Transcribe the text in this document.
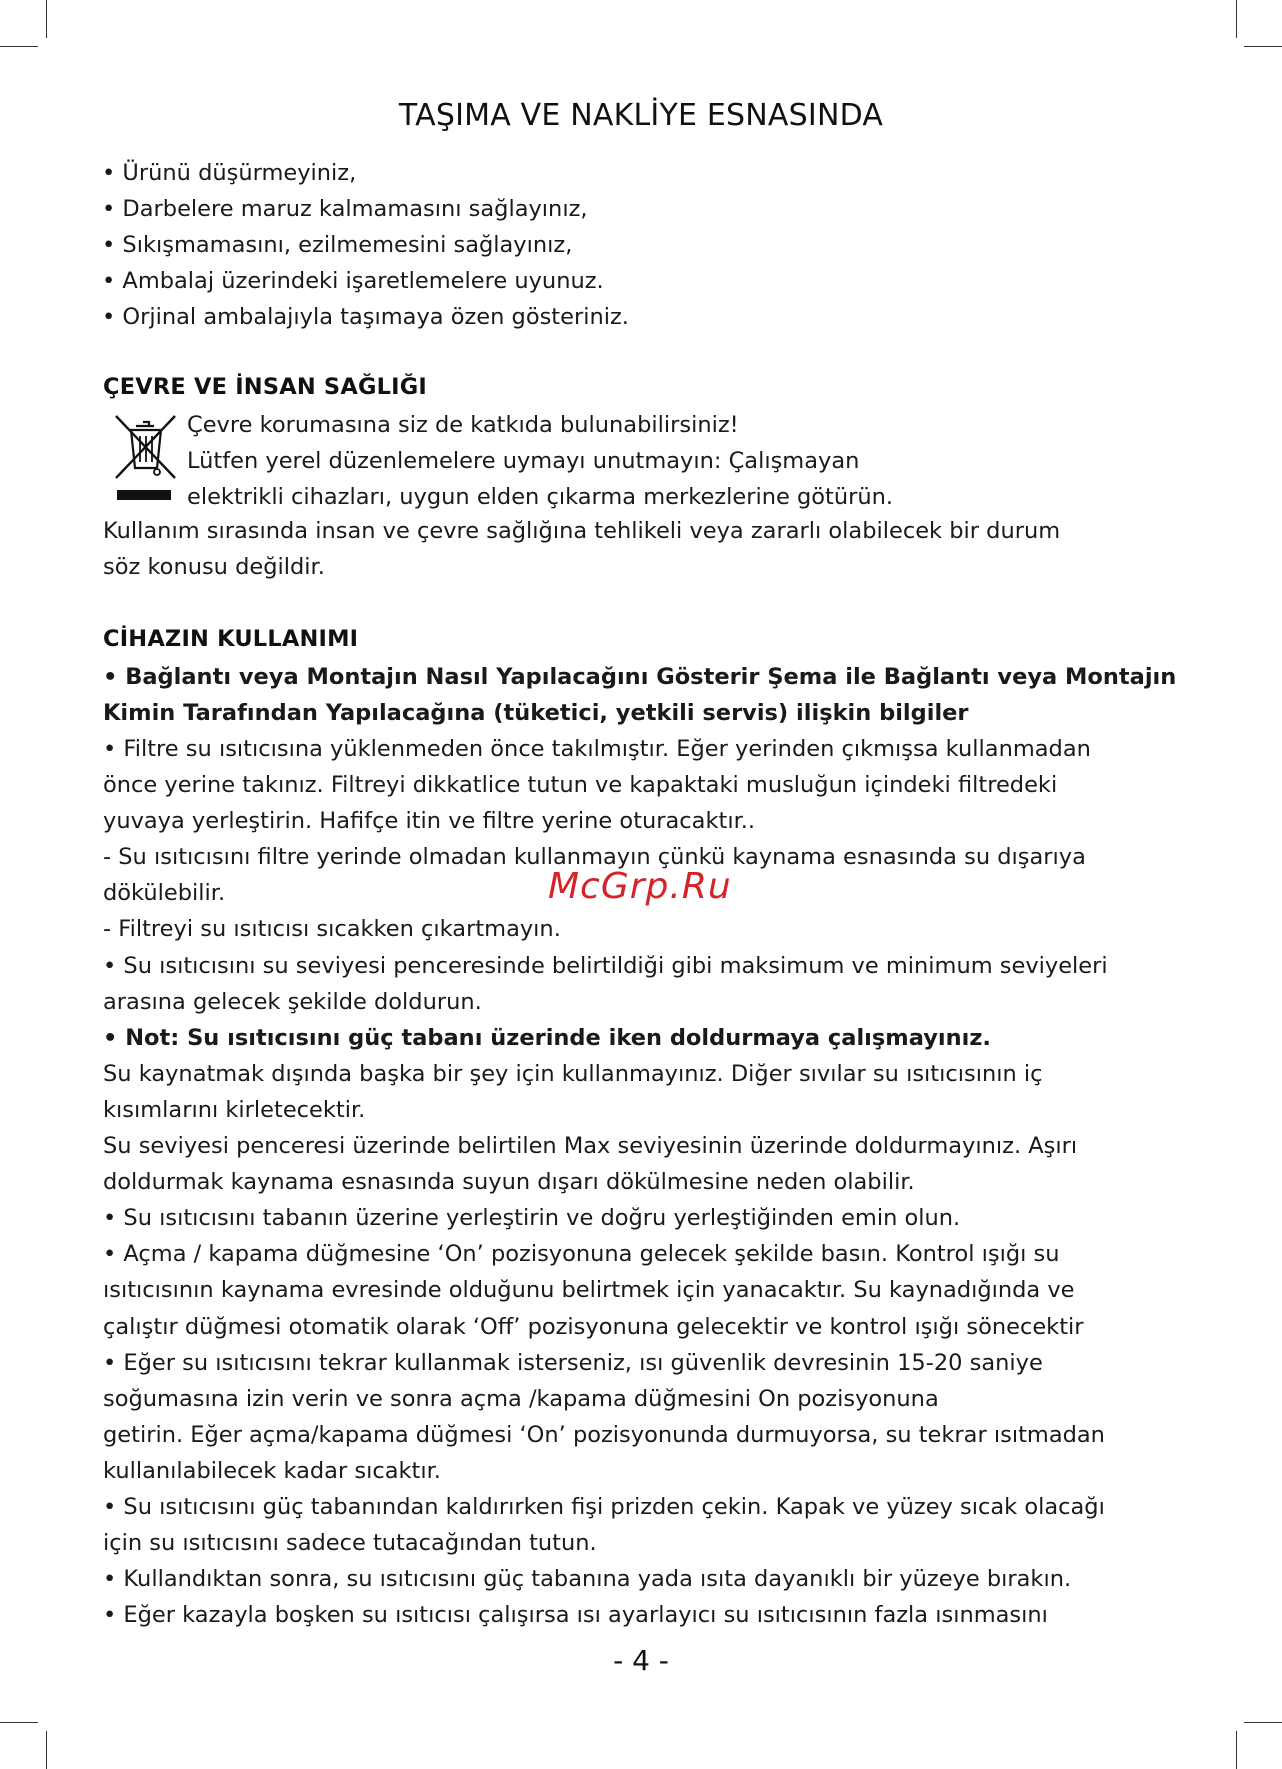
TAŞIMA VE NAKLİYE ESNASINDA
• Ürünü düşürmeyiniz,
• Darbelere maruz kalmamasını sağlayınız,
• Sıkışmamasını, ezilmemesini sağlayınız,
• Ambalaj üzerindeki işaretlemelere uyunuz.
• Orjinal ambalajıyla taşımaya özen gösteriniz.
ÇEVRE VE İNSAN SAĞLIĞI
Çevre korumasına siz de katkıda bulunabilirsiniz!
Lütfen yerel düzenlemelere uymayı unutmayın: Çalışmayan
elektrikli cihazları, uygun elden çıkarma merkezlerine götürün.
Kullanım sırasında insan ve çevre sağlığına tehlikeli veya zararlı olabilecek bir durum
söz konusu değildir.
CİHAZIN KULLANIMI
• Bağlantı veya Montajın Nasıl Yapılacağını Gösterir Şema ile Bağlantı veya Montajın
Kimin Tarafından Yapılacağına (tüketici, yetkili servis) ilişkin bilgiler
• Filtre su ısıtıcısına yüklenmeden önce takılmıştır. Eğer yerinden çıkmışsa kullanmadan
önce yerine takınız. Filtreyi dikkatlice tutun ve kapaktaki musluğun içindeki filtredeki
yuvaya yerleştirin. Hafifçe itin ve filtre yerine oturacaktır..
- Su ısıtıcısını filtre yerinde olmadan kullanmayın çünkü kaynama esnasında su dışarıya
dökülebilir.
- Filtreyi su ısıtıcısı sıcakken çıkartmayın.
• Su ısıtıcısını su seviyesi penceresinde belirtildiği gibi maksimum ve minimum seviyeleri
arasına gelecek şekilde doldurun.
• Not: Su ısıtıcısını güç tabanı üzerinde iken doldurmaya çalışmayınız.
Su kaynatmak dışında başka bir şey için kullanmayınız. Diğer sıvılar su ısıtıcısının iç
kısımlarını kirletecektir.
Su seviyesi penceresi üzerinde belirtilen Max seviyesinin üzerinde doldurmayınız. Aşırı
doldurmak kaynama esnasında suyun dışarı dökülmesine neden olabilir.
• Su ısıtıcısını tabanın üzerine yerleştirin ve doğru yerleştiğinden emin olun.
• Açma / kapama düğmesine ‘On’ pozisyonuna gelecek şekilde basın. Kontrol ışığı su
ısıtıcısının kaynama evresinde olduğunu belirtmek için yanacaktır. Su kaynadığında ve
çalıştır düğmesi otomatik olarak ‘Off’ pozisyonuna gelecektir ve kontrol ışığı sönecektir
• Eğer su ısıtıcısını tekrar kullanmak isterseniz, ısı güvenlik devresinin 15-20 saniye
soğumasına izin verin ve sonra açma /kapama düğmesini On pozisyonuna
getirin. Eğer açma/kapama düğmesi ‘On’ pozisyonunda durmuyorsa, su tekrar ısıtmadan
kullanılabilecek kadar sıcaktır.
• Su ısıtıcısını güç tabanından kaldırırken fişi prizden çekin. Kapak ve yüzey sıcak olacağı
için su ısıtıcısını sadece tutacağından tutun.
• Kullandıktan sonra, su ısıtıcısını güç tabanına yada ısıta dayanıklı bir yüzeye bırakın.
• Eğer kazayla boşken su ısıtıcısı çalışırsa ısı ayarlayıcı su ısıtıcısının fazla ısınmasını
McGrp.Ru
- 4 -
